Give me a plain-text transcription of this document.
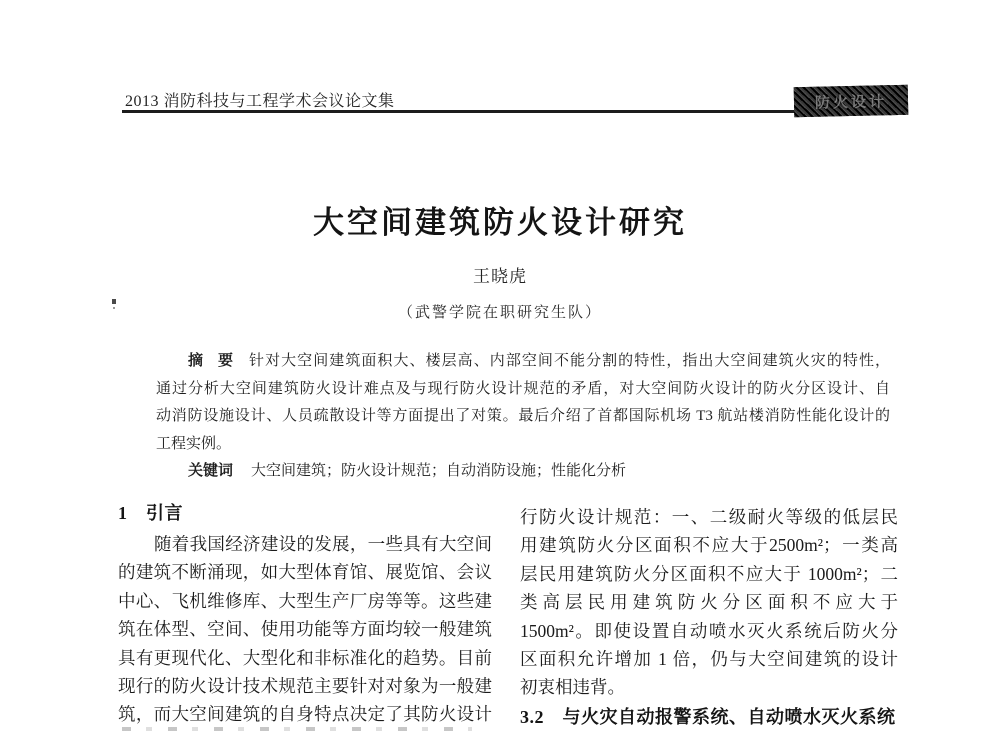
2013 消防科技与工程学术会议论文集	防火设计
大空间建筑防火设计研究
王晓虎
（武警学院在职研究生队）
摘　要 针对大空间建筑面积大、楼层高、内部空间不能分割的特性，指出大空间建筑火灾的特性，
通过分析大空间建筑防火设计难点及与现行防火设计规范的矛盾，对大空间防火设计的防火分区设计、自
动消防设施设计、人员疏散设计等方面提出了对策。最后介绍了首都国际机场 T3 航站楼消防性能化设计的
工程实例。
关键词 大空间建筑；防火设计规范；自动消防设施；性能化分析
1　引言
随着我国经济建设的发展，一些具有大空间
的建筑不断涌现，如大型体育馆、展览馆、会议
中心、飞机维修库、大型生产厂房等等。这些建
筑在体型、空间、使用功能等方面均较一般建筑
具有更现代化、大型化和非标准化的趋势。目前
现行的防火设计技术规范主要针对对象为一般建
筑，而大空间建筑的自身特点决定了其防火设计
行防火设计规范：一、二级耐火等级的低层民
用建筑防火分区面积不应大于2500m²；一类高
层民用建筑防火分区面积不应大于 1000m²；二
类高层民用建筑防火分区面积不应大于
1500m²。即使设置自动喷水灭火系统后防火分
区面积允许增加 1 倍，仍与大空间建筑的设计
初衷相违背。
3.2　与火灾自动报警系统、自动喷水灭火系统
